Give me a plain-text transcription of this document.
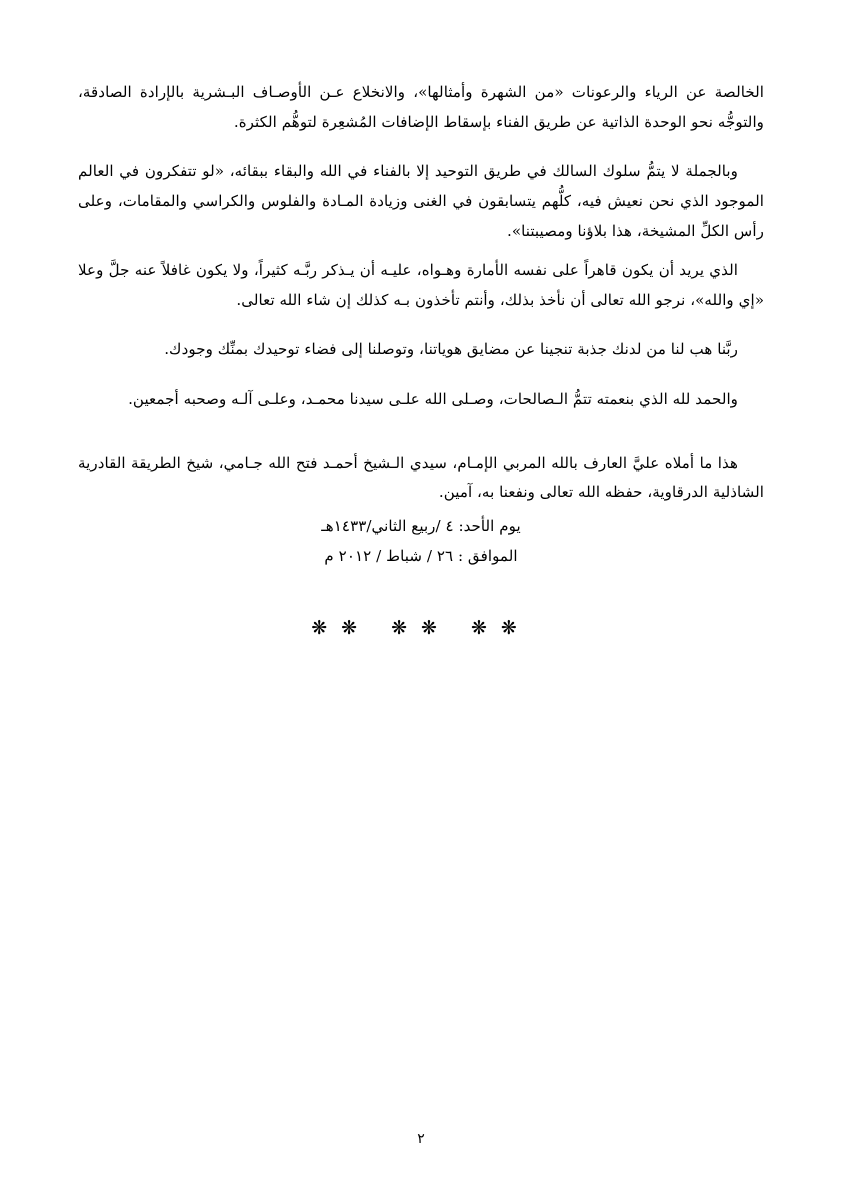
الخالصة عن الرياء والرعونات «من الشهرة وأمثالها»، والانخلاع عـن الأوصـاف البـشرية بالإرادة الصادقة، والتوجُّه نحو الوحدة الذاتية عن طريق الفناء بإسقاط الإضافات المُشعِرة لتوهُّم الكثرة.

وبالجملة لا يتمُّ سلوك السالك في طريق التوحيد إلا بالفناء في الله والبقاء ببقائه، «لو تتفكرون في العالم الموجود الذي نحن نعيش فيه، كلُّهم يتسابقون في الغنى وزيادة المـادة والفلوس والكراسي والمقامات، وعلى رأس الكلِّ المشيخة، هذا بلاؤنا ومصيبتنا».

الذي يريد أن يكون قاهراً على نفسه الأمارة وهـواه، عليـه أن يـذكر ربَّـه كثيراً، ولا يكون غافلاً عنه جلَّ وعلا «إي والله»، نرجو الله تعالى أن نأخذ بذلك، وأنتم تأخذون بـه كذلك إن شاء الله تعالى.

ربَّنا هب لنا من لدنك جذبة تنجينا عن مضايق هوياتنا، وتوصلنا إلى فضاء توحيدك بمنِّك وجودك.

والحمد لله الذي بنعمته تتمُّ الـصالحات، وصـلى الله علـى سيدنا محمـد، وعلـى آلـه وصحبه أجمعين.

هذا ما أملاه عليَّ العارف بالله المربي الإمـام، سيدي الـشيخ أحمـد فتح الله جـامي، شيخ الطريقة القادرية الشاذلية الدرقاوية، حفظه الله تعالى ونفعنا به، آمين.

يوم الأحد: ٤ /ربيع الثاني/١٤٣٣هـ

الموافق : ٢٦ / شباط / ٢٠١٢ م

❋❋ ❋❋ ❋❋
٢
